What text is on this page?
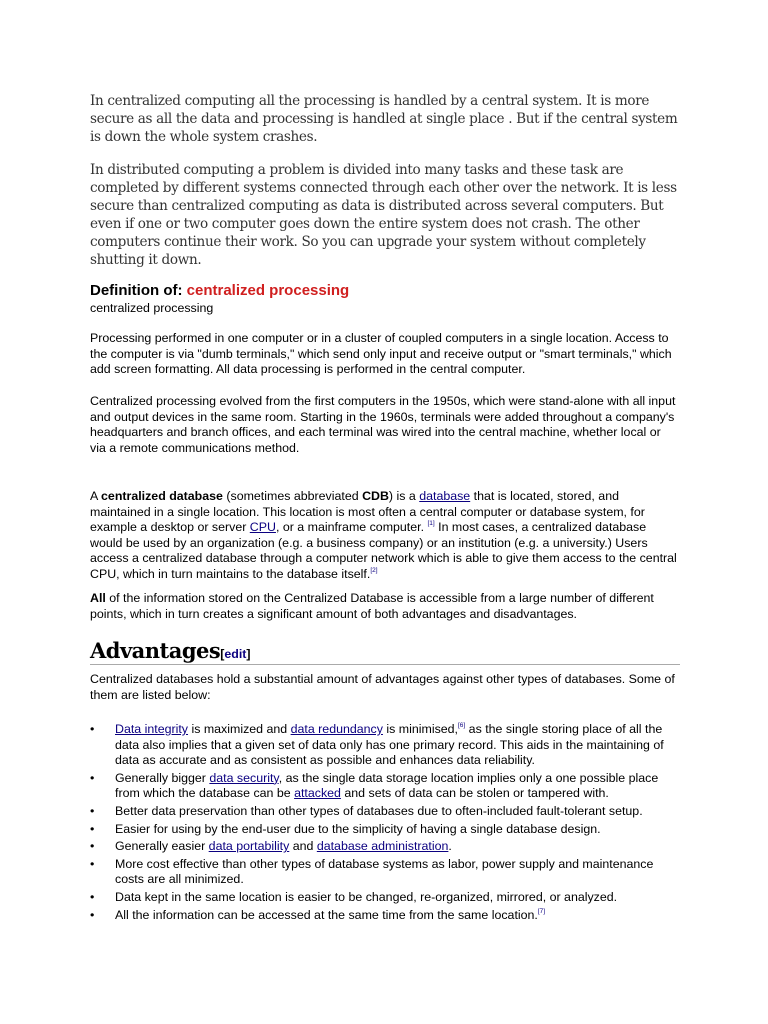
In centralized computing all the processing is handled by a central system. It is more secure as all the data and processing is handled at single place . But if the central system is down the whole system crashes.

In distributed computing a problem is divided into many tasks and these task are completed by different systems connected through each other over the network. It is less secure than centralized computing as data is distributed across several computers. But even if one or two computer goes down the entire system does not crash. The other computers continue their work. So you can upgrade your system without completely shutting it down.

Definition of: centralized processing

centralized processing

Processing performed in one computer or in a cluster of coupled computers in a single location. Access to the computer is via "dumb terminals," which send only input and receive output or "smart terminals," which add screen formatting. All data processing is performed in the central computer.

Centralized processing evolved from the first computers in the 1950s, which were stand-alone with all input and output devices in the same room. Starting in the 1960s, terminals were added throughout a company's headquarters and branch offices, and each terminal was wired into the central machine, whether local or via a remote communications method.

A centralized database (sometimes abbreviated CDB) is a database that is located, stored, and maintained in a single location. This location is most often a central computer or database system, for example a desktop or server CPU, or a mainframe computer. [1] In most cases, a centralized database would be used by an organization (e.g. a business company) or an institution (e.g. a university.) Users access a centralized database through a computer network which is able to give them access to the central CPU, which in turn maintains to the database itself.[2]

All of the information stored on the Centralized Database is accessible from a large number of different points, which in turn creates a significant amount of both advantages and disadvantages.

Advantages[edit]

Centralized databases hold a substantial amount of advantages against other types of databases. Some of them are listed below:

• Data integrity is maximized and data redundancy is minimised,[6] as the single storing place of all the data also implies that a given set of data only has one primary record. This aids in the maintaining of data as accurate and as consistent as possible and enhances data reliability.
• Generally bigger data security, as the single data storage location implies only a one possible place from which the database can be attacked and sets of data can be stolen or tampered with.
• Better data preservation than other types of databases due to often-included fault-tolerant setup.
• Easier for using by the end-user due to the simplicity of having a single database design.
• Generally easier data portability and database administration.
• More cost effective than other types of database systems as labor, power supply and maintenance costs are all minimized.
• Data kept in the same location is easier to be changed, re-organized, mirrored, or analyzed.
• All the information can be accessed at the same time from the same location.[7]
